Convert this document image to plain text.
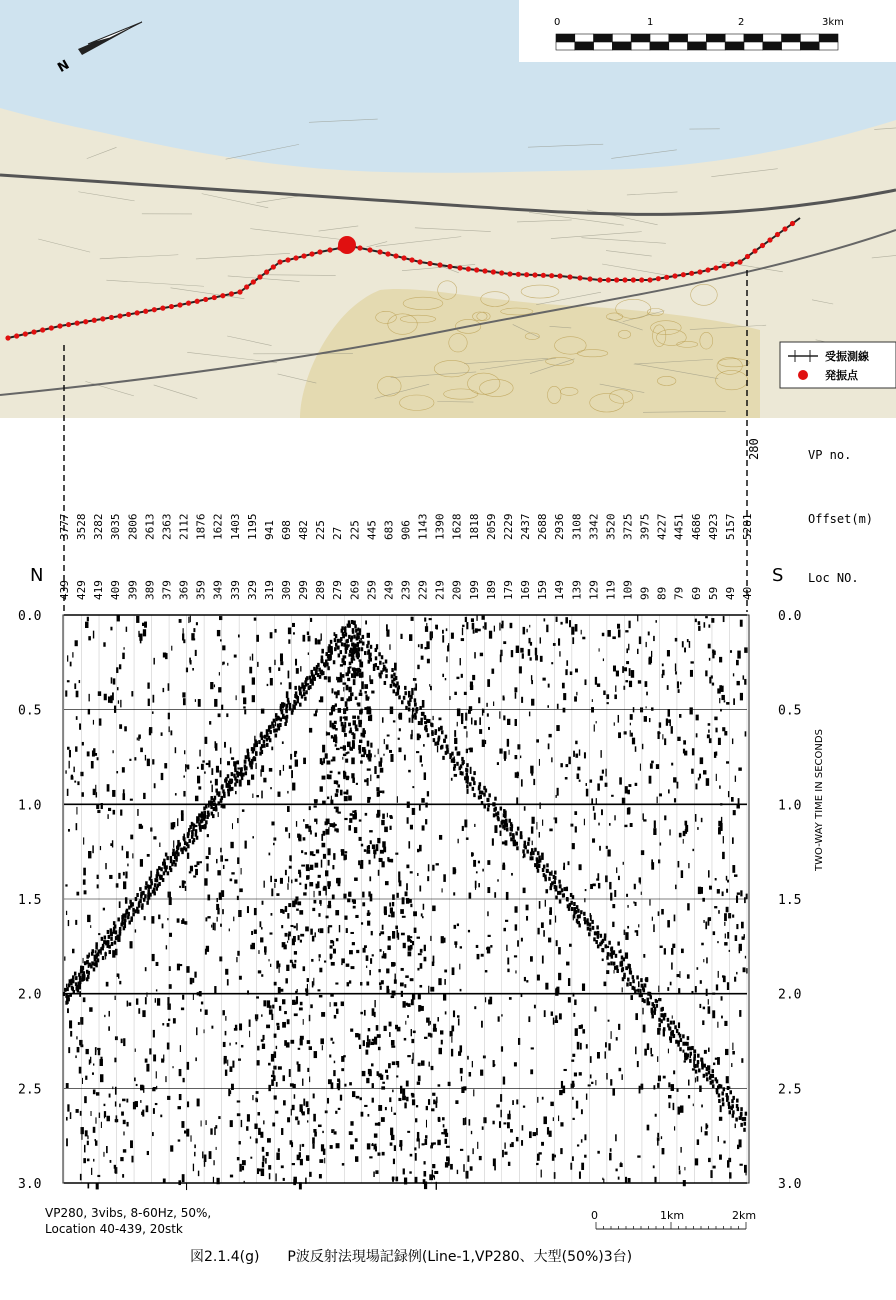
N
0	1	2	3km
受振測線
発振点
VP no.
Offset(m)
Loc NO.
N	S
280
3777 3528 3282 3035 2806 2613 2363 2112 1876 1622 1403 1195 941 698 482 225 27 225 445 683 906 1143 1390 1628 1818 2059 2229 2437 2688 2936 3108 3342 3520 3725 3975 4227 4451 4686 4923 5157 5281
439 429 419 409 399 389 379 369 359 349 339 329 319 309 299 289 279 269 259 249 239 229 219 209 199 189 179 169 159 149 139 129 119 109 99 89 79 69 59 49 40
0.0	0.0
0.5	0.5
1.0	1.0
1.5	1.5
2.0	2.0
2.5	2.5
3.0	3.0
TWO-WAY TIME IN SECONDS
VP280, 3vibs, 8-60Hz, 50%,
Location 40-439, 20stk
0	1km	2km
図2.1.4(g)　　P波反射法現場記録例(Line-1,VP280、大型(50%)3台)
